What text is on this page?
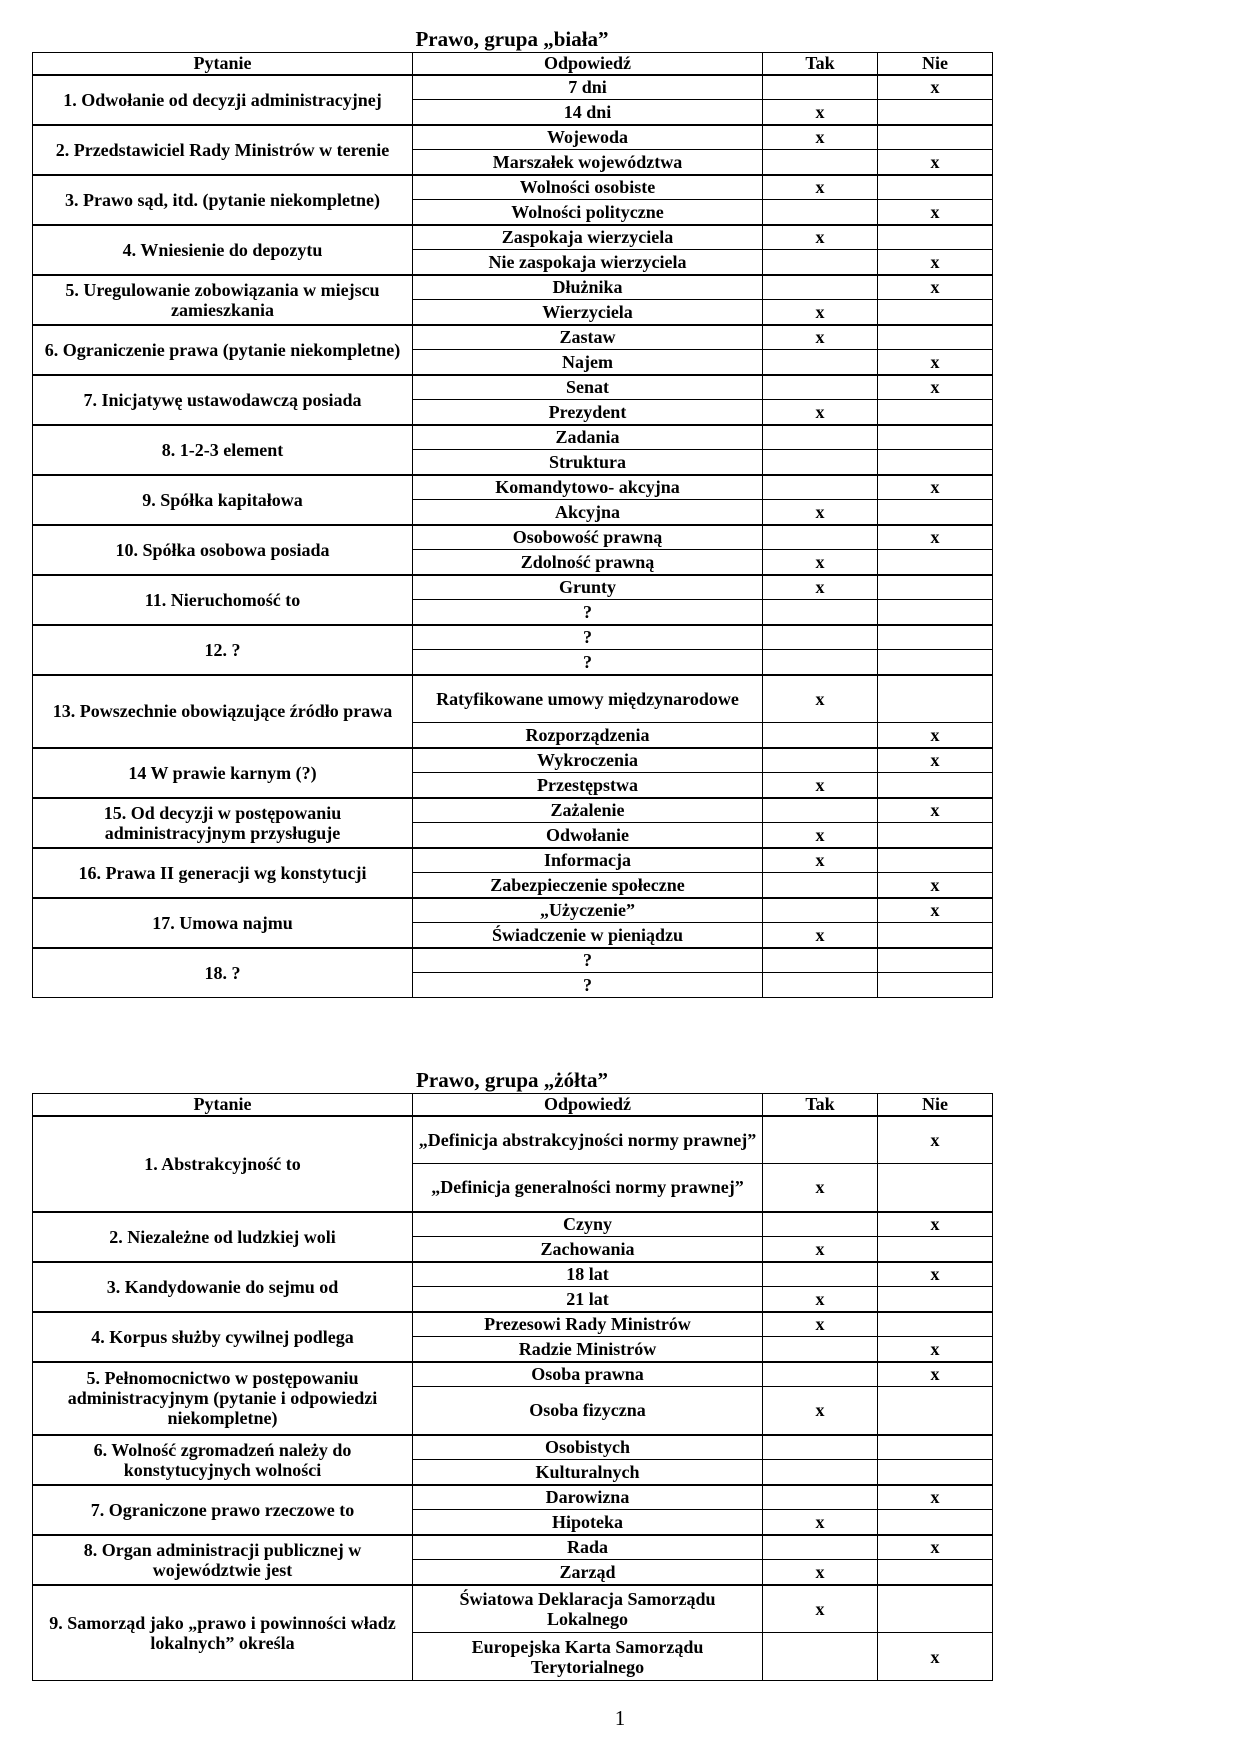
Prawo, grupa „biała”
Pytanie	Odpowiedź	Tak	Nie
1. Odwołanie od decyzji administracyjnej	7 dni		x
	14 dni	x	
2. Przedstawiciel Rady Ministrów w terenie	Wojewoda	x	
	Marszałek województwa		x
3. Prawo sąd, itd. (pytanie niekompletne)	Wolności osobiste	x	
	Wolności polityczne		x
4. Wniesienie do depozytu	Zaspokaja wierzyciela	x	
	Nie zaspokaja wierzyciela		x
5. Uregulowanie zobowiązania w miejscu zamieszkania	Dłużnika		x
	Wierzyciela	x	
6. Ograniczenie prawa (pytanie niekompletne)	Zastaw	x	
	Najem		x
7. Inicjatywę ustawodawczą posiada	Senat		x
	Prezydent	x	
8. 1-2-3 element	Zadania		
	Struktura		
9. Spółka kapitałowa	Komandytowo- akcyjna		x
	Akcyjna	x	
10. Spółka osobowa posiada	Osobowość prawną		x
	Zdolność prawną	x	
11. Nieruchomość to	Grunty	x	
	?		
12. ?	?		
	?		
13. Powszechnie obowiązujące źródło prawa	Ratyfikowane umowy międzynarodowe	x	
	Rozporządzenia		x
14 W prawie karnym (?)	Wykroczenia		x
	Przestępstwa	x	
15. Od decyzji w postępowaniu administracyjnym przysługuje	Zażalenie		x
	Odwołanie	x	
16. Prawa II generacji wg konstytucji	Informacja	x	
	Zabezpieczenie społeczne		x
17. Umowa najmu	„Użyczenie”		x
	Świadczenie w pieniądzu	x	
18. ?	?		
	?		
Prawo, grupa „żółta”
Pytanie	Odpowiedź	Tak	Nie
1. Abstrakcyjność to	„Definicja abstrakcyjności normy prawnej”		x
	„Definicja generalności normy prawnej”	x	
2. Niezależne od ludzkiej woli	Czyny		x
	Zachowania	x	
3. Kandydowanie do sejmu od	18 lat		x
	21 lat	x	
4. Korpus służby cywilnej podlega	Prezesowi Rady Ministrów	x	
	Radzie Ministrów		x
5. Pełnomocnictwo w postępowaniu administracyjnym (pytanie i odpowiedzi niekompletne)	Osoba prawna		x
	Osoba fizyczna	x	
6. Wolność zgromadzeń należy do konstytucyjnych wolności	Osobistych		
	Kulturalnych		
7. Ograniczone prawo rzeczowe to	Darowizna		x
	Hipoteka	x	
8. Organ administracji publicznej w województwie jest	Rada		x
	Zarząd	x	
9. Samorząd jako „prawo i powinności władz lokalnych” określa	Światowa Deklaracja Samorządu Lokalnego	x	
	Europejska Karta Samorządu Terytorialnego		x
1
